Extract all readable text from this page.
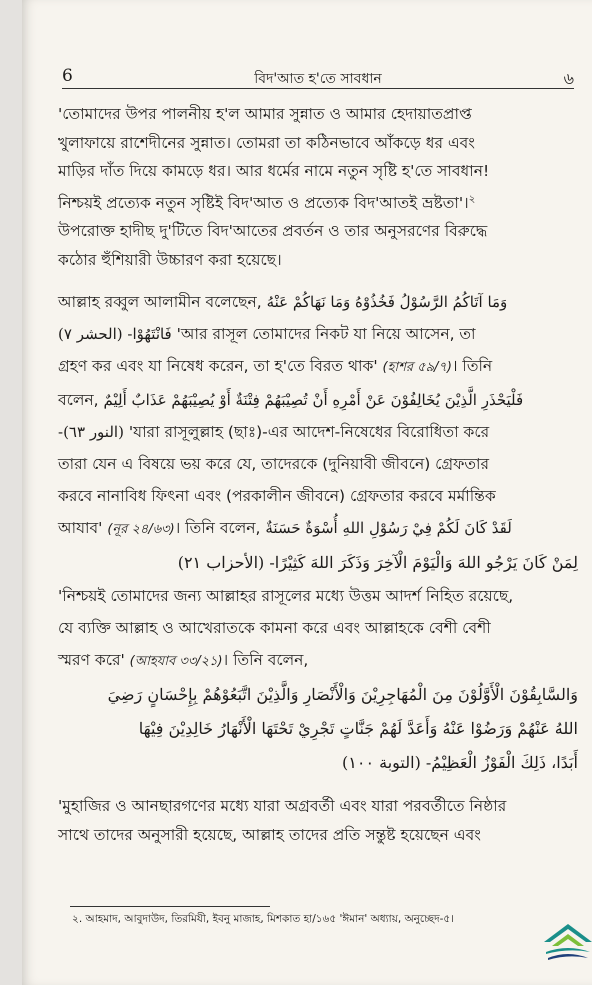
6	বিদ'আত হ'তে সাবধান	৬

'তোমাদের উপর পালনীয় হ'ল আমার সুন্নাত ও আমার হেদায়াতপ্রাপ্ত
খুলাফায়ে রাশেদীনের সুন্নাত। তোমরা তা কঠিনভাবে আঁকড়ে ধর এবং
মাড়ির দাঁত দিয়ে কামড়ে ধর। আর ধর্মের নামে নতুন সৃষ্টি হ'তে সাবধান!
নিশ্চয়ই প্রত্যেক নতুন সৃষ্টিই বিদ'আত ও প্রত্যেক বিদ'আতই ভ্রষ্টতা'।$^২$
উপরোক্ত হাদীছ দু'টিতে বিদ'আতের প্রবর্তন ও তার অনুসরণের বিরুদ্ধে
কঠোর হুঁশিয়ারী উচ্চারণ করা হয়েছে।

আল্লাহ রব্বুল আলামীন বলেছেন, وَمَا آتَاكُمُ الرَّسُوْلُ فَخُذُوْهُ وَمَا نَهَاكُمْ عَنْهُ

فَانْتَهُوْا- (الحشر ٧) 'আর রাসূল তোমাদের নিকট যা নিয়ে আসেন, তা

গ্রহণ কর এবং যা নিষেধ করেন, তা হ'তে বিরত থাক' (হাশর ৫৯/৭)। তিনি

বলেন, فَلْيَحْذَرِ الَّذِيْنَ يُخَالِفُوْنَ عَنْ أَمْرِهِ أَنْ تُصِيْبَهُمْ فِتْنَةٌ أَوْ يُصِيْبَهُمْ عَذَابٌ أَلِيْمٌ

(النور ٦٣)- 'যারা রাসূলুল্লাহ (ছাঃ)-এর আদেশ-নিষেধের বিরোধিতা করে

তারা যেন এ বিষয়ে ভয় করে যে, তাদেরকে (দুনিয়াবী জীবনে) গ্রেফতার

করবে নানাবিধ ফিৎনা এবং (পরকালীন জীবনে) গ্রেফতার করবে মর্মান্তিক

আযাব' (নূর ২৪/৬৩)। তিনি বলেন, لَقَدْ كَانَ لَكُمْ فِيْ رَسُوْلِ اللهِ أُسْوَةٌ حَسَنَةٌ

لِمَنْ كَانَ يَرْجُو اللهَ وَالْيَوْمَ الْآخِرَ وَذَكَرَ اللهَ كَثِيْرًا- (الأحزاب ٢١)

'নিশ্চয়ই তোমাদের জন্য আল্লাহর রাসূলের মধ্যে উত্তম আদর্শ নিহিত রয়েছে,

যে ব্যক্তি আল্লাহ ও আখেরাতকে কামনা করে এবং আল্লাহকে বেশী বেশী

স্মরণ করে' (আহযাব ৩৩/২১)। তিনি বলেন,

وَالسَّابِقُوْنَ الْأَوَّلُوْنَ مِنَ الْمُهَاجِرِيْنَ وَالْأَنْصَارِ وَالَّذِيْنَ اتَّبَعُوْهُمْ بِإِحْسَانٍ رَضِيَ

اللهُ عَنْهُمْ وَرَضُوْا عَنْهُ وَأَعَدَّ لَهُمْ جَنَّاتٍ تَجْرِيْ تَحْتَهَا الْأَنْهَارُ خَالِدِيْنَ فِيْهَا

أَبَدًا، ذَلِكَ الْفَوْزُ الْعَظِيْمُ- (التوبة ١٠٠)

'মুহাজির ও আনছারগণের মধ্যে যারা অগ্রবর্তী এবং যারা পরবর্তীতে নিষ্ঠার
সাথে তাদের অনুসারী হয়েছে, আল্লাহ তাদের প্রতি সন্তুষ্ট হয়েছেন এবং

২. আহমাদ, আবুদাউদ, তিরমিযী, ইবনু মাজাহ, মিশকাত হা/১৬৫ 'ঈমান' অধ্যায়, অনুচ্ছেদ-৫।
